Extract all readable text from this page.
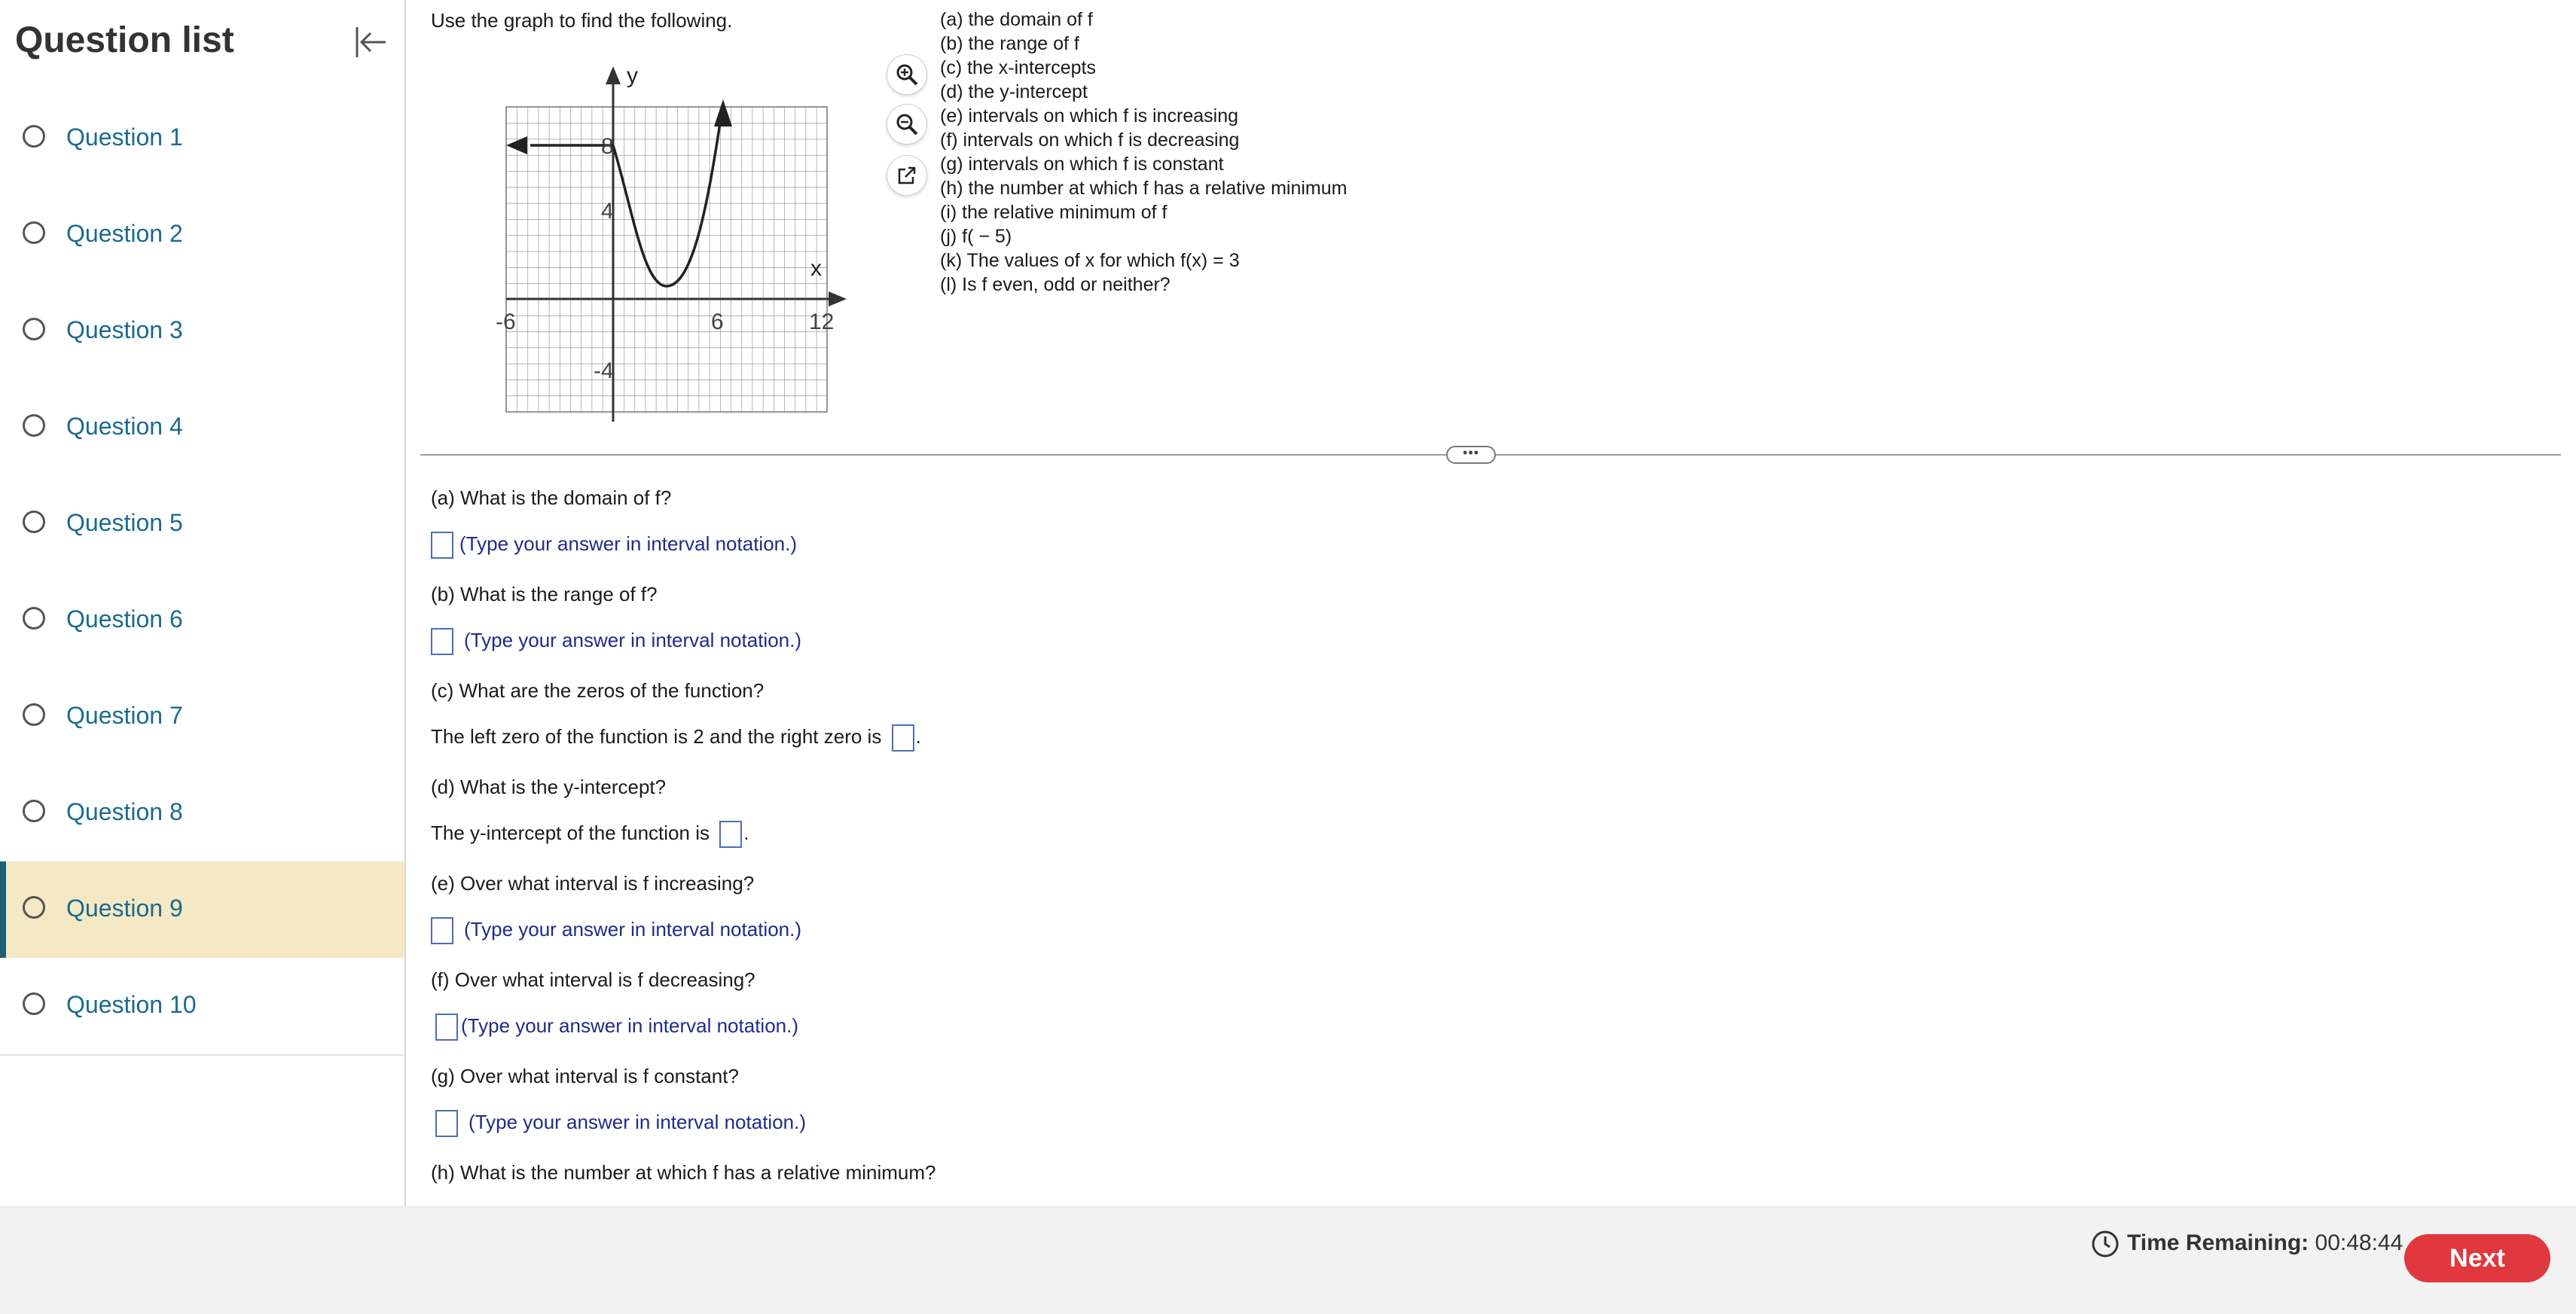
Question list
Question 1
Question 2
Question 3
Question 4
Question 5
Question 6
Question 7
Question 8
Question 9
Question 10
Use the graph to find the following.
y
x
8
4
-4
-6	6	12
(a) the domain of f
(b) the range of f
(c) the x-intercepts
(d) the y-intercept
(e) intervals on which f is increasing
(f) intervals on which f is decreasing
(g) intervals on which f is constant
(h) the number at which f has a relative minimum
(i) the relative minimum of f
(j) f( − 5)
(k) The values of x for which f(x) = 3
(l) Is f even, odd or neither?
•••
(a) What is the domain of f?
(Type your answer in interval notation.)
(b) What is the range of f?
(Type your answer in interval notation.)
(c) What are the zeros of the function?
The left zero of the function is 2 and the right zero is .
(d) What is the y-intercept?
The y-intercept of the function is .
(e) Over what interval is f increasing?
(Type your answer in interval notation.)
(f) Over what interval is f decreasing?
(Type your answer in interval notation.)
(g) Over what interval is f constant?
(Type your answer in interval notation.)
(h) What is the number at which f has a relative minimum?
Time Remaining: 00:48:44
Next
